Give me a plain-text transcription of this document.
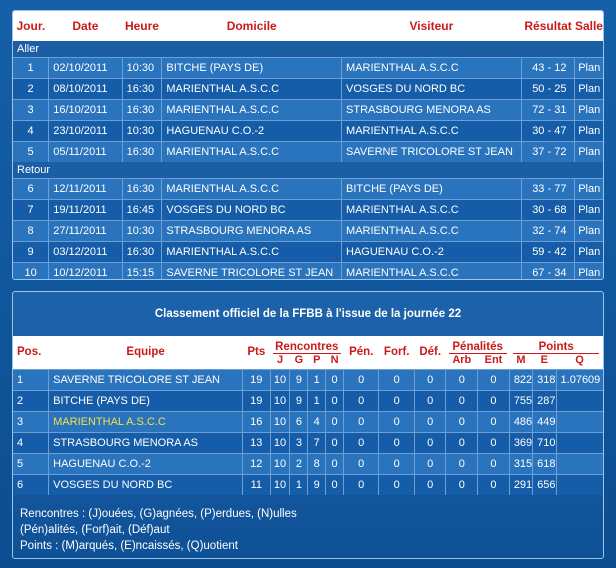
Jour.	Date	Heure	Domicile	Visiteur	Résultat	Salle
Aller						
1	02/10/2011	10:30	BITCHE (PAYS DE)	MARIENTHAL A.S.C.C	43 - 12	Plan
2	08/10/2011	16:30	MARIENTHAL A.S.C.C	VOSGES DU NORD BC	50 - 25	Plan
3	16/10/2011	16:30	MARIENTHAL A.S.C.C	STRASBOURG MENORA AS	72 - 31	Plan
4	23/10/2011	10:30	HAGUENAU C.O.-2	MARIENTHAL A.S.C.C	30 - 47	Plan
5	05/11/2011	16:30	MARIENTHAL A.S.C.C	SAVERNE TRICOLORE ST JEAN	37 - 72	Plan
Retour						
6	12/11/2011	16:30	MARIENTHAL A.S.C.C	BITCHE (PAYS DE)	33 - 77	Plan
7	19/11/2011	16:45	VOSGES DU NORD BC	MARIENTHAL A.S.C.C	30 - 68	Plan
8	27/11/2011	10:30	STRASBOURG MENORA AS	MARIENTHAL A.S.C.C	32 - 74	Plan
9	03/12/2011	16:30	MARIENTHAL A.S.C.C	HAGUENAU C.O.-2	59 - 42	Plan
10	10/12/2011	15:15	SAVERNE TRICOLORE ST JEAN	MARIENTHAL A.S.C.C	67 - 34	Plan
Classement officiel de la FFBB à l'issue de la journée 22
Pos.	Equipe	Pts	Rencontres				Pén.	Forf.	Déf.	Pénalités		Points		
			J	G	P	N				Arb	Ent	M	E	Q
1	SAVERNE TRICOLORE ST JEAN	19	10	9	1	0	0	0	0	0	0	822	318	1.07609
2	BITCHE (PAYS DE)	19	10	9	1	0	0	0	0	0	0	755	287	
3	MARIENTHAL A.S.C.C	16	10	6	4	0	0	0	0	0	0	486	449	
4	STRASBOURG MENORA AS	13	10	3	7	0	0	0	0	0	0	369	710	
5	HAGUENAU C.O.-2	12	10	2	8	0	0	0	0	0	0	315	618	
6	VOSGES DU NORD BC	11	10	1	9	0	0	0	0	0	0	291	656	
Rencontres : (J)ouées, (G)agnées, (P)erdues, (N)ulles
(Pén)alités, (Forf)ait, (Déf)aut
Points : (M)arqués, (E)ncaissés, (Q)uotient
